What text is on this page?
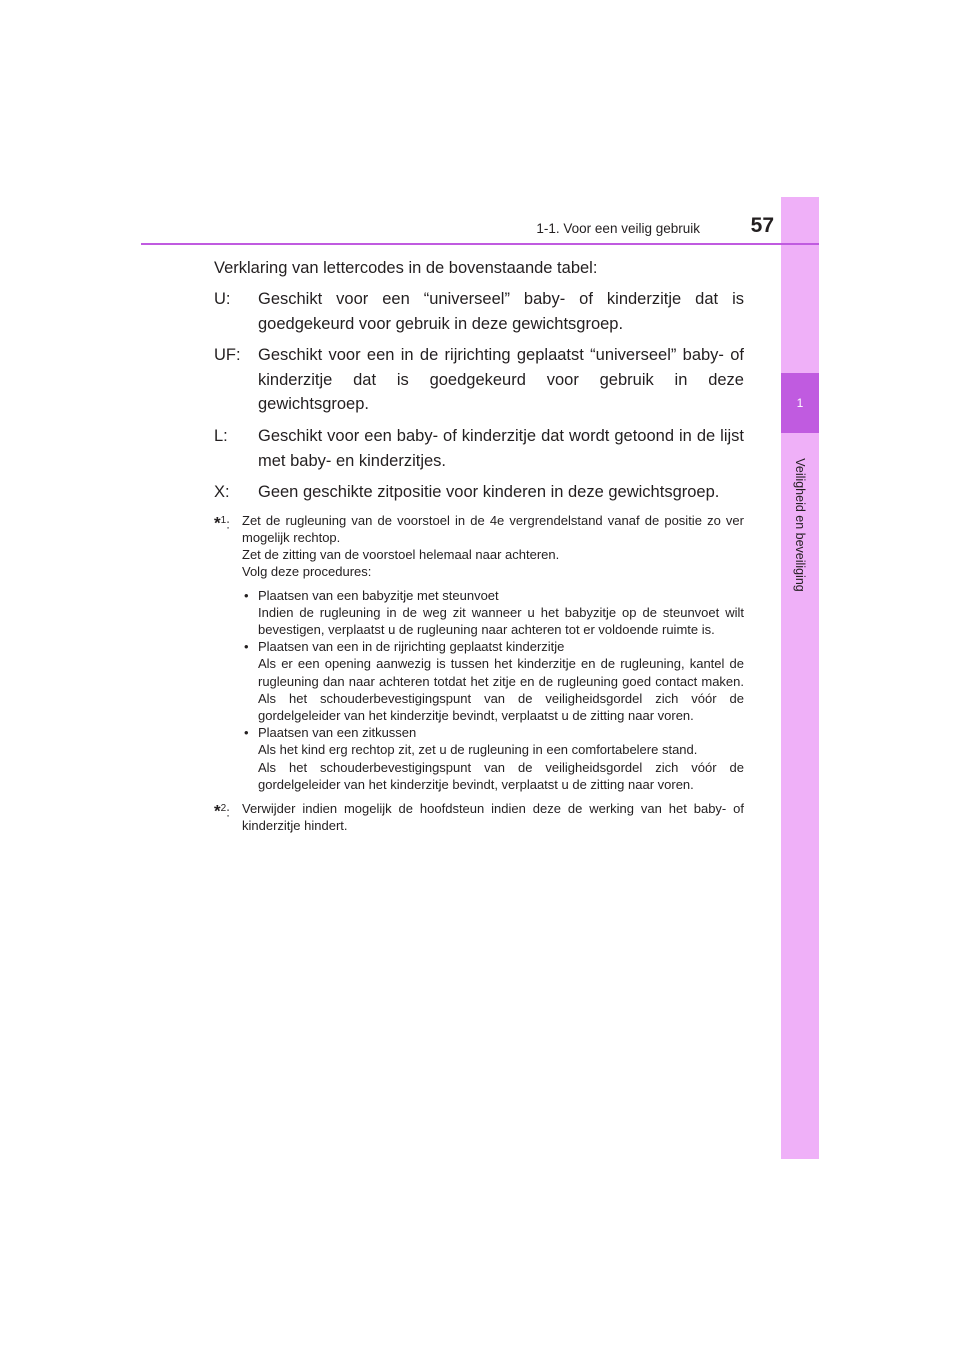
1
Veiligheid en beveiliging
1-1. Voor een veilig gebruik 57

Verklaring van lettercodes in de bovenstaande tabel:

U:	Geschikt voor een “universeel” baby- of kinderzitje dat is goedgekeurd voor gebruik in deze gewichtsgroep.
UF:	Geschikt voor een in de rijrichting geplaatst “universeel” baby- of kinderzitje dat is goedgekeurd voor gebruik in deze gewichtsgroep.
L:	Geschikt voor een baby- of kinderzitje dat wordt getoond in de lijst met baby- en kinderzitjes.
X:	Geen geschikte zitpositie voor kinderen in deze gewichtsgroep.
*$^1$: Zet de rugleuning van de voorstoel in de 4e vergrendelstand vanaf de positie zo ver mogelijk rechtop.

Zet de zitting van de voorstoel helemaal naar achteren.

Volg deze procedures:

• Plaatsen van een babyzitje met steunvoet
Indien de rugleuning in de weg zit wanneer u het babyzitje op de steunvoet wilt bevestigen, verplaatst u de rugleuning naar achteren tot er voldoende ruimte is.
• Plaatsen van een in de rijrichting geplaatst kinderzitje
Als er een opening aanwezig is tussen het kinderzitje en de rugleuning, kantel de rugleuning dan naar achteren totdat het zitje en de rugleuning goed contact maken. Als het schouderbevestigingspunt van de veiligheidsgordel zich vóór de gordelgeleider van het kinderzitje bevindt, verplaatst u de zitting naar voren.
• Plaatsen van een zitkussen
Als het kind erg rechtop zit, zet u de rugleuning in een comfortabelere stand.
Als het schouderbevestigingspunt van de veiligheidsgordel zich vóór de gordelgeleider van het kinderzitje bevindt, verplaatst u de zitting naar voren.
*$^2$: Verwijder indien mogelijk de hoofdsteun indien deze de werking van het baby- of kinderzitje hindert.
